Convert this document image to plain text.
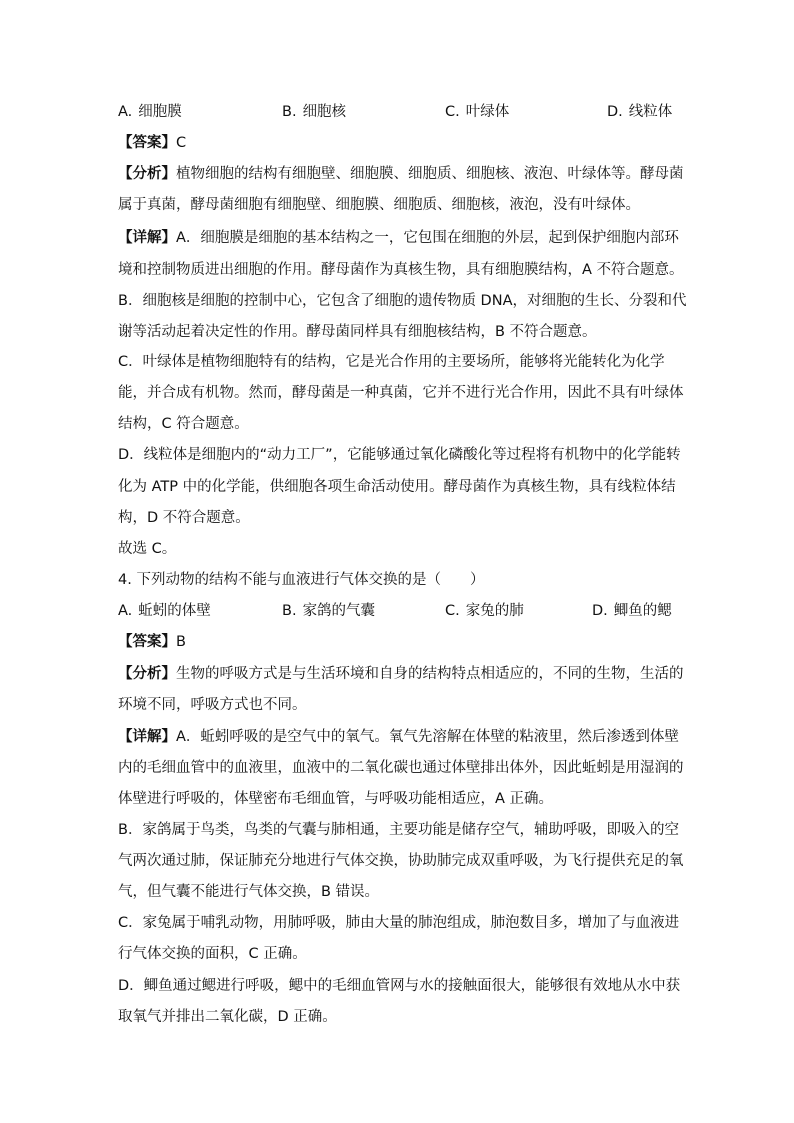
A. 细胞膜	B. 细胞核	C. 叶绿体	D. 线粒体
【答案】C
【分析】植物细胞的结构有细胞壁、细胞膜、细胞质、细胞核、液泡、叶绿体等。酵母菌
属于真菌，酵母菌细胞有细胞壁、细胞膜、细胞质、细胞核，液泡，没有叶绿体。
【详解】A．细胞膜是细胞的基本结构之一，它包围在细胞的外层，起到保护细胞内部环
境和控制物质进出细胞的作用。酵母菌作为真核生物，具有细胞膜结构，A 不符合题意。
B．细胞核是细胞的控制中心，它包含了细胞的遗传物质 DNA，对细胞的生长、分裂和代
谢等活动起着决定性的作用。酵母菌同样具有细胞核结构，B 不符合题意。
C．叶绿体是植物细胞特有的结构，它是光合作用的主要场所，能够将光能转化为化学
能，并合成有机物。然而，酵母菌是一种真菌，它并不进行光合作用，因此不具有叶绿体
结构，C 符合题意。
D．线粒体是细胞内的“动力工厂”，它能够通过氧化磷酸化等过程将有机物中的化学能转
化为 ATP 中的化学能，供细胞各项生命活动使用。酵母菌作为真核生物，具有线粒体结
构，D 不符合题意。
故选 C。
4. 下列动物的结构不能与血液进行气体交换的是（　　）
A. 蚯蚓的体壁	B. 家鸽的气囊	C. 家兔的肺	D. 鲫鱼的鳃
【答案】B
【分析】生物的呼吸方式是与生活环境和自身的结构特点相适应的，不同的生物，生活的
环境不同，呼吸方式也不同。
【详解】A．蚯蚓呼吸的是空气中的氧气。氧气先溶解在体壁的粘液里，然后渗透到体壁
内的毛细血管中的血液里，血液中的二氧化碳也通过体壁排出体外，因此蚯蚓是用湿润的
体壁进行呼吸的，体壁密布毛细血管，与呼吸功能相适应，A 正确。
B．家鸽属于鸟类，鸟类的气囊与肺相通，主要功能是储存空气，辅助呼吸，即吸入的空
气两次通过肺，保证肺充分地进行气体交换，协助肺完成双重呼吸，为飞行提供充足的氧
气，但气囊不能进行气体交换，B 错误。
C．家兔属于哺乳动物，用肺呼吸，肺由大量的肺泡组成，肺泡数目多，增加了与血液进
行气体交换的面积，C 正确。
D．鲫鱼通过鳃进行呼吸，鳃中的毛细血管网与水的接触面很大，能够很有效地从水中获
取氧气并排出二氧化碳，D 正确。
